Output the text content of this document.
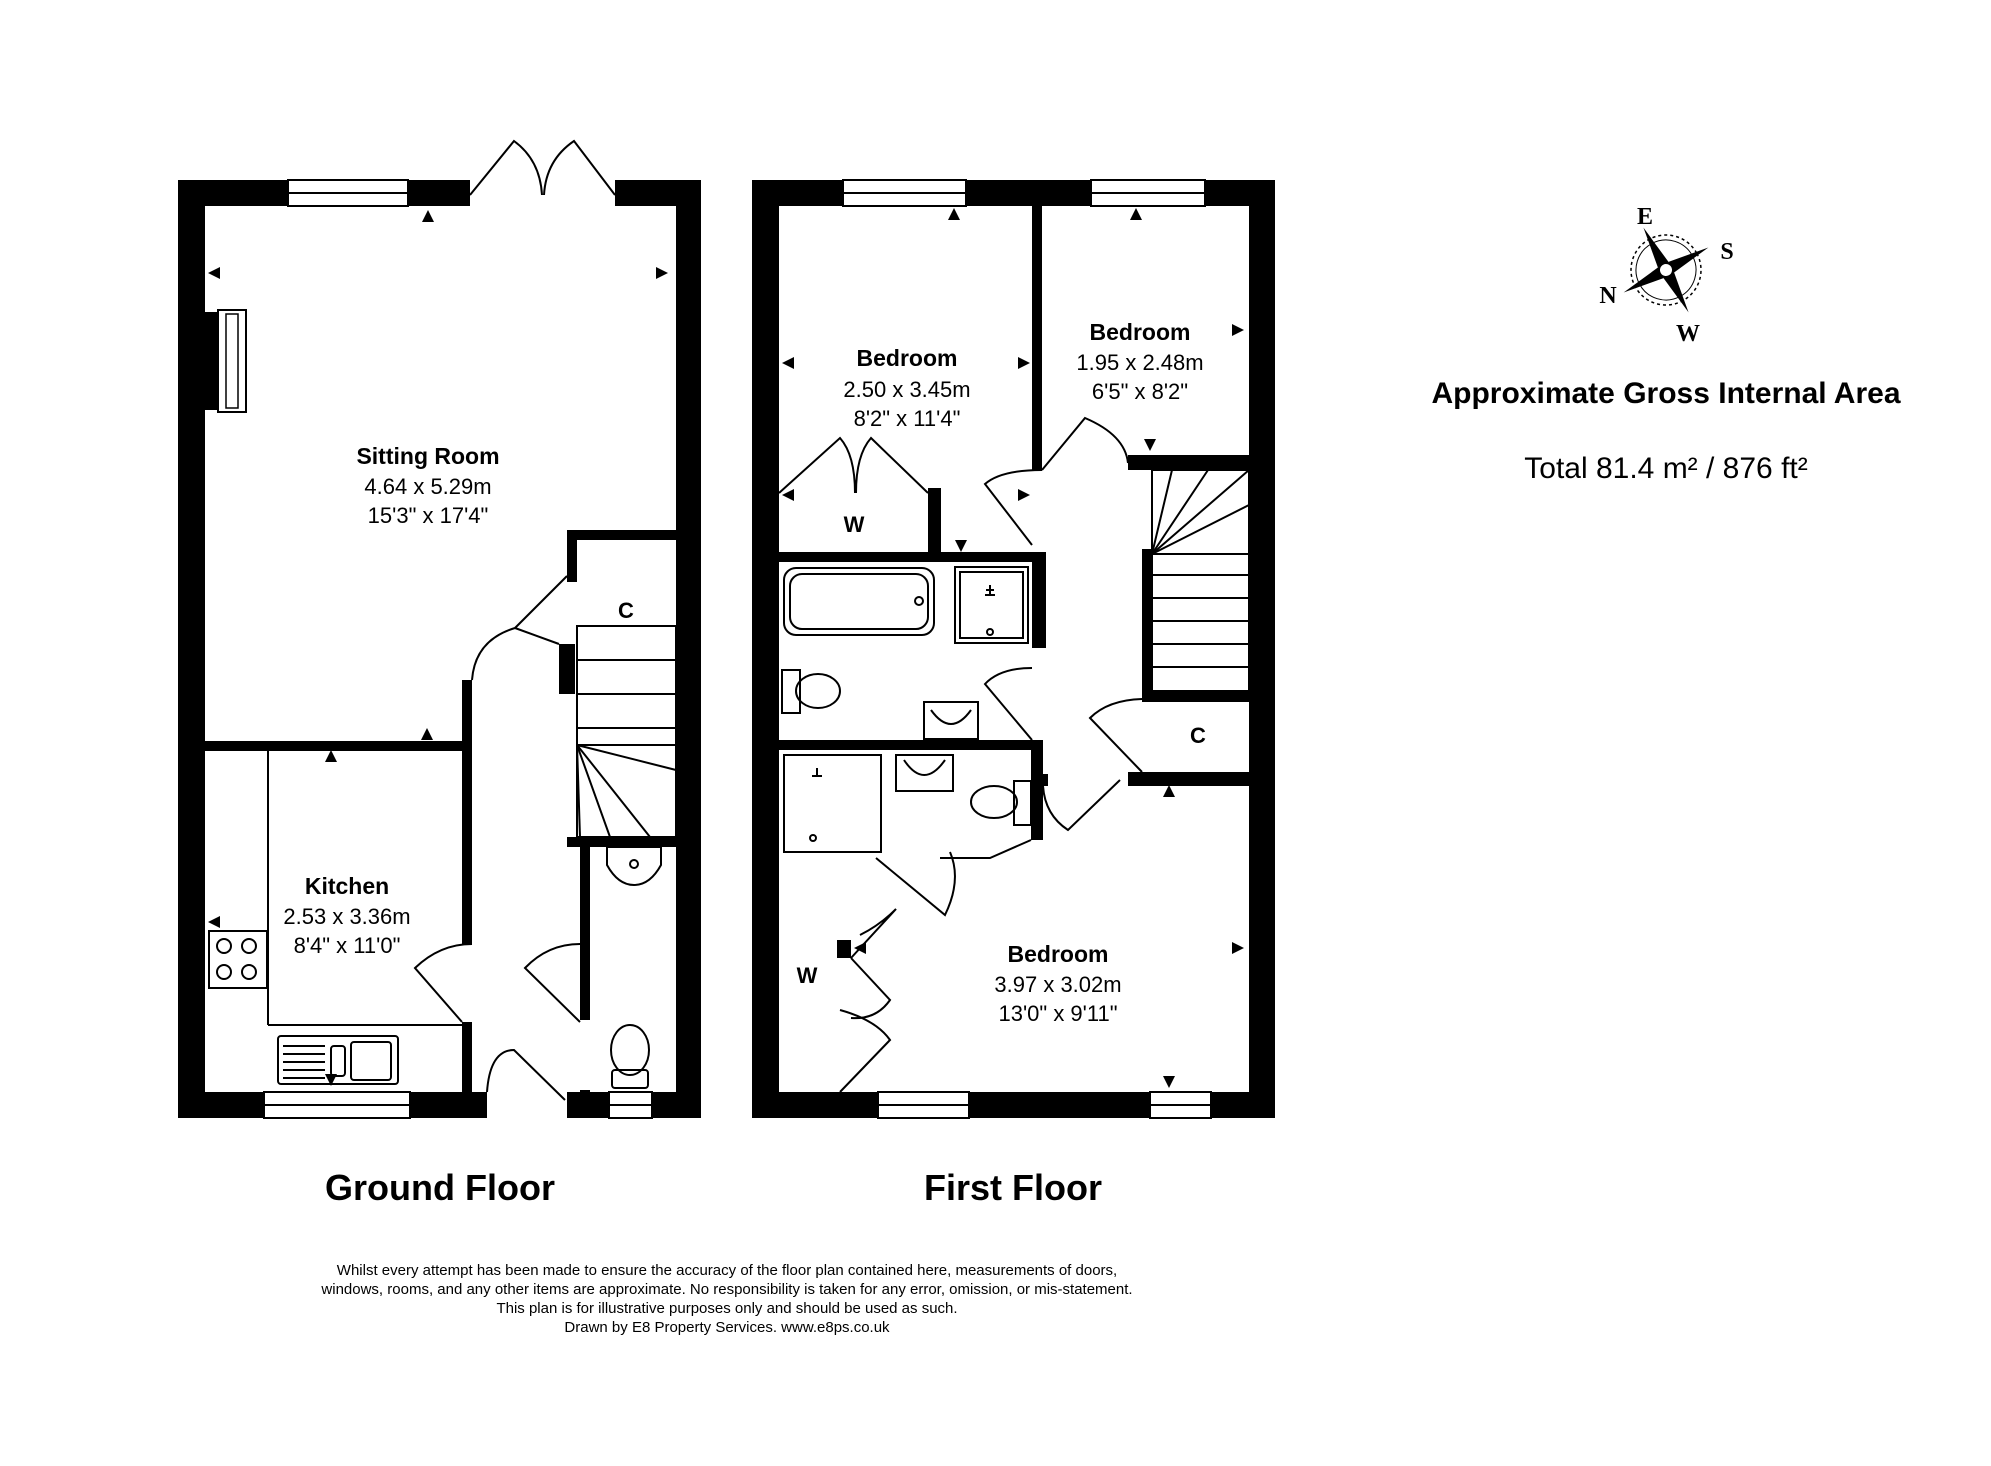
Sitting Room
4.64 x 5.29m
15'3" x 17'4"
Kitchen
2.53 x 3.36m
8'4" x 11'0"
C
Ground Floor
Bedroom
2.50 x 3.45m
8'2" x 11'4"
Bedroom
1.95 x 2.48m
6'5" x 8'2"
Bedroom
3.97 x 3.02m
13'0" x 9'11"
W
W
C
First Floor
E
S
N
W
Approximate Gross Internal Area
Total 81.4 m² / 876 ft²
Whilst every attempt has been made to ensure the accuracy of the floor plan contained here, measurements of doors,
windows, rooms, and any other items are approximate. No responsibility is taken for any error, omission, or mis-statement.
This plan is for illustrative purposes only and should be used as such.
Drawn by E8 Property Services. www.e8ps.co.uk
